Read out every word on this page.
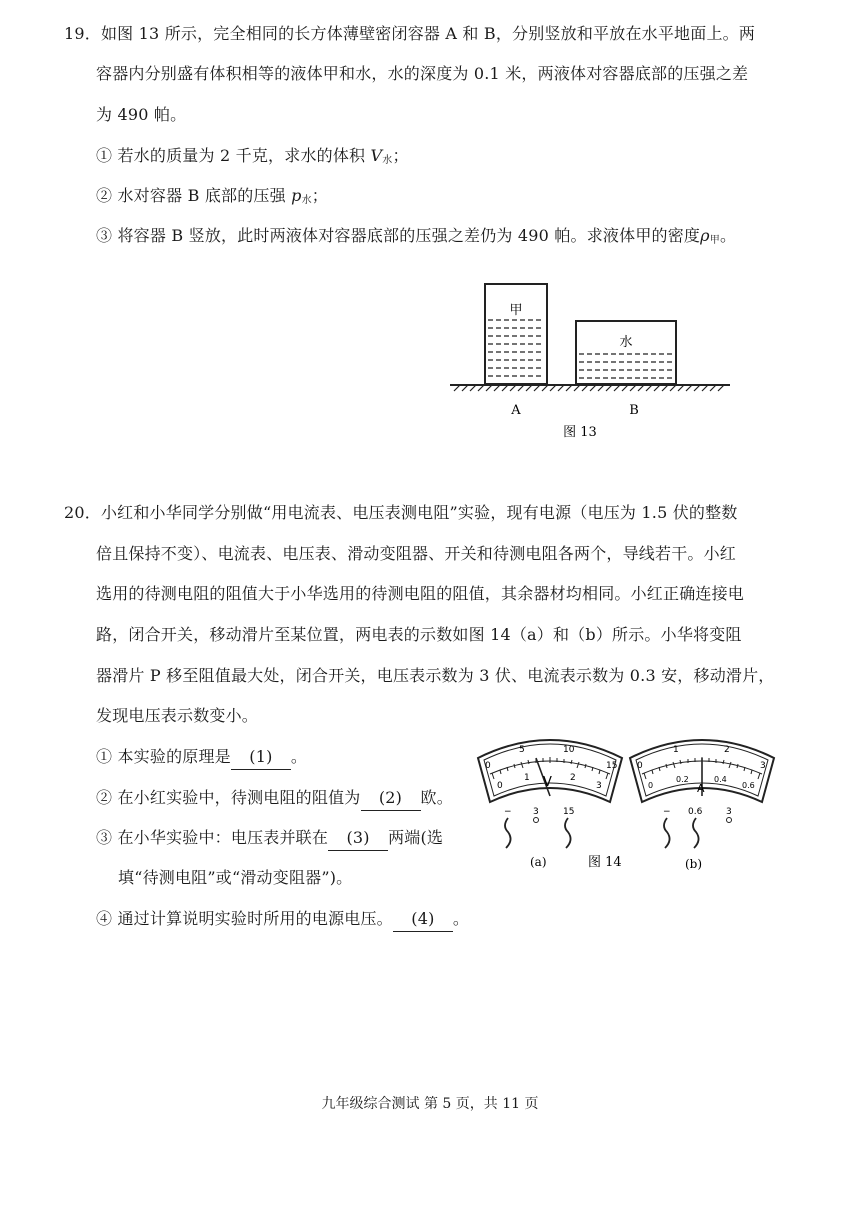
19．如图 13 所示，完全相同的长方体薄壁密闭容器 A 和 B，分别竖放和平放在水平地面上。两
容器内分别盛有体积相等的液体甲和水，水的深度为 0.1 米，两液体对容器底部的压强之差
为 490 帕。
① 若水的质量为 2 千克，求水的体积 $V_水$；
② 水对容器 B 底部的压强 $p_水$；
③ 将容器 B 竖放，此时两液体对容器底部的压强之差仍为 490 帕。求液体甲的密度$\rho_甲$。
甲
水
A	B
图 13
20．小红和小华同学分别做“用电流表、电压表测电阻”实验，现有电源（电压为 1.5 伏的整数
倍且保持不变）、电流表、电压表、滑动变阻器、开关和待测电阻各两个，导线若干。小红
选用的待测电阻的阻值大于小华选用的待测电阻的阻值，其余器材均相同。小红正确连接电
路，闭合开关，移动滑片至某位置，两电表的示数如图 14（a）和（b）所示。小华将变阻
器滑片 P 移至阻值最大处，闭合开关，电压表示数为 3 伏、电流表示数为 0.3 安，移动滑片，
发现电压表示数变小。
① 本实验的原理是 (1) 。
② 在小红实验中，待测电阻的阻值为 (2) 欧。
③ 在小华实验中：电压表并联在 (3) 两端(选
填“待测电阻”或“滑动变阻器”)。
④ 通过计算说明实验时所用的电源电压。 (4) 。
0
5	10
15
0
1	2
3
V
− 3	15
0
1	2
3
0
0.2	0.4
0.6
A
− 0.6	3
(a)	图 14	(b)
九年级综合测试 第 5 页，共 11 页
